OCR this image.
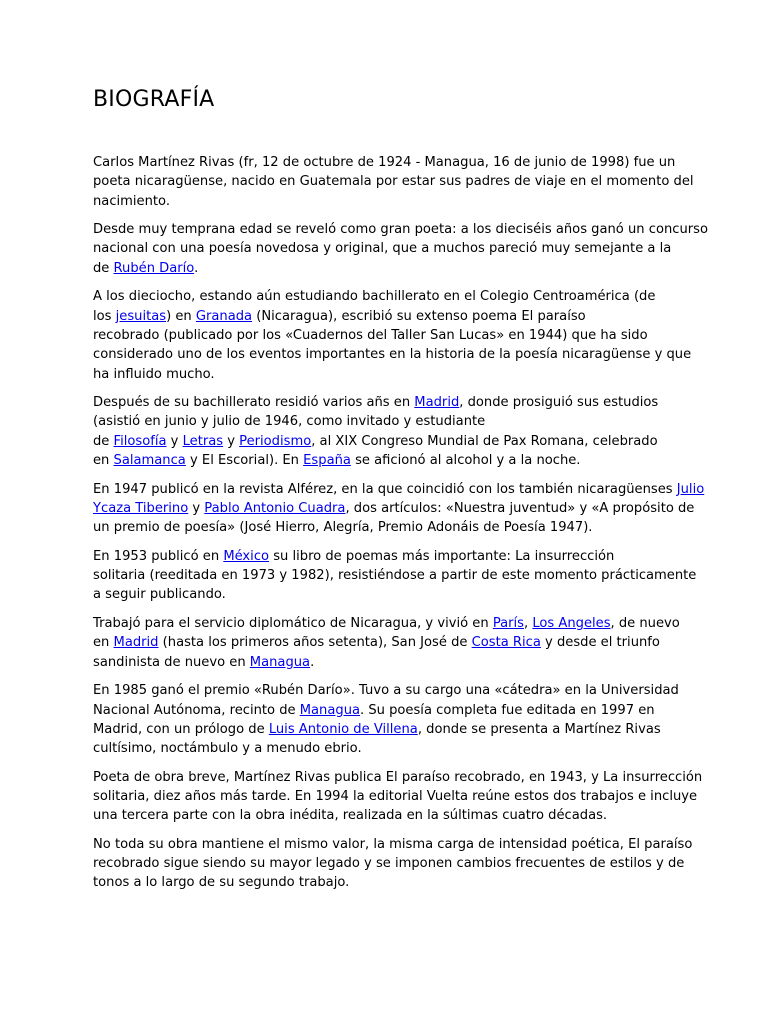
BIOGRAFÍA

Carlos Martínez Rivas (fr, 12 de octubre de 1924 - Managua, 16 de junio de 1998) fue un
poeta nicaragüense, nacido en Guatemala por estar sus padres de viaje en el momento del
nacimiento.

Desde muy temprana edad se reveló como gran poeta: a los dieciséis años ganó un concurso
nacional con una poesía novedosa y original, que a muchos pareció muy semejante a la
de Rubén Darío.

A los dieciocho, estando aún estudiando bachillerato en el Colegio Centroamérica (de
los jesuitas) en Granada (Nicaragua), escribió su extenso poema El paraíso
recobrado (publicado por los «Cuadernos del Taller San Lucas» en 1944) que ha sido
considerado uno de los eventos importantes en la historia de la poesía nicaragüense y que
ha influido mucho.

Después de su bachillerato residió varios añs en Madrid, donde prosiguió sus estudios
(asistió en junio y julio de 1946, como invitado y estudiante
de Filosofía y Letras y Periodismo, al XIX Congreso Mundial de Pax Romana, celebrado
en Salamanca y El Escorial). En España se aficionó al alcohol y a la noche.

En 1947 publicó en la revista Alférez, en la que coincidió con los también nicaragüenses Julio
Ycaza Tiberino y Pablo Antonio Cuadra, dos artículos: «Nuestra juventud» y «A propósito de
un premio de poesía» (José Hierro, Alegría, Premio Adonáis de Poesía 1947).

En 1953 publicó en México su libro de poemas más importante: La insurrección
solitaria (reeditada en 1973 y 1982), resistiéndose a partir de este momento prácticamente
a seguir publicando.

Trabajó para el servicio diplomático de Nicaragua, y vivió en París, Los Angeles, de nuevo
en Madrid (hasta los primeros años setenta), San José de Costa Rica y desde el triunfo
sandinista de nuevo en Managua.

En 1985 ganó el premio «Rubén Darío». Tuvo a su cargo una «cátedra» en la Universidad
Nacional Autónoma, recinto de Managua. Su poesía completa fue editada en 1997 en
Madrid, con un prólogo de Luis Antonio de Villena, donde se presenta a Martínez Rivas
cultísimo, noctámbulo y a menudo ebrio.

Poeta de obra breve, Martínez Rivas publica El paraíso recobrado, en 1943, y La insurrección
solitaria, diez años más tarde. En 1994 la editorial Vuelta reúne estos dos trabajos e incluye
una tercera parte con la obra inédita, realizada en la súltimas cuatro décadas.

No toda su obra mantiene el mismo valor, la misma carga de intensidad poética, El paraíso
recobrado sigue siendo su mayor legado y se imponen cambios frecuentes de estilos y de
tonos a lo largo de su segundo trabajo.
